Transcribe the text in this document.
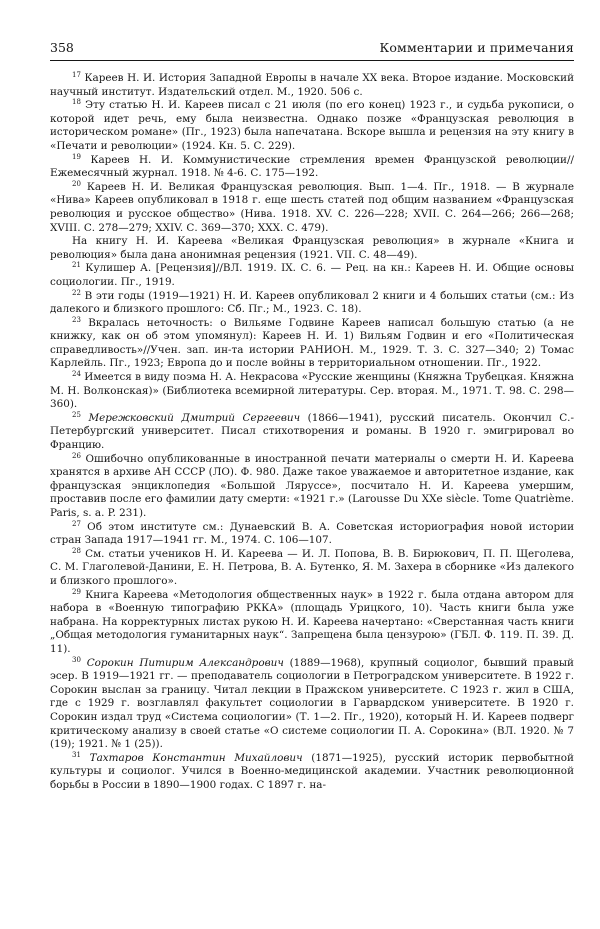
358	Комментарии и примечания

$^{17}$ Кареев Н. И. История Западной Европы в начале XX века. Второе издание. Московский научный институт. Издательский отдел. М., 1920. 506 с.

$^{18}$ Эту статью Н. И. Кареев писал с 21 июля (по его конец) 1923 г., и судьба рукописи, о которой идет речь, ему была неизвестна. Однако позже «Французская революция в историческом романе» (Пг., 1923) была напечатана. Вскоре вышла и рецензия на эту книгу в «Печати и революции» (1924. Кн. 5. С. 229).

$^{19}$ Кареев Н. И. Коммунистические стремления времен Французской революции//Ежемесячный журнал. 1918. № 4-6. С. 175—192.

$^{20}$ Кареев Н. И. Великая Французская революция. Вып. 1—4. Пг., 1918. — В журнале «Нива» Кареев опубликовал в 1918 г. еще шесть статей под общим названием «Французская революция и русское общество» (Нива. 1918. XV. С. 226—228; XVII. С. 264—266; 266—268; XVIII. С. 278—279; XXIV. С. 369—370; XXX. С. 479).

На книгу Н. И. Кареева «Великая Французская революция» в журнале «Книга и революция» была дана анонимная рецензия (1921. VII. С. 48—49).

$^{21}$ Кулишер А. [Рецензия]//ВЛ. 1919. IX. С. 6. — Рец. на кн.: Кареев Н. И. Общие основы социологии. Пг., 1919.

$^{22}$ В эти годы (1919—1921) Н. И. Кареев опубликовал 2 книги и 4 больших статьи (см.: Из далекого и близкого прошлого: Сб. Пг.; М., 1923. С. 18).

$^{23}$ Вкралась неточность: о Вильяме Годвине Кареев написал большую статью (а не книжку, как он об этом упомянул): Кареев Н. И. 1) Вильям Годвин и его «Политическая справедливость»//Учен. зап. ин-та истории РАНИОН. М., 1929. Т. 3. С. 327—340; 2) Томас Карлейль. Пг., 1923; Европа до и после войны в территориальном отношении. Пг., 1922.

$^{24}$ Имеется в виду поэма Н. А. Некрасова «Русские женщины (Княжна Трубецкая. Княжна М. Н. Волконская)» (Библиотека всемирной литературы. Сер. вторая. М., 1971. Т. 98. С. 298—360).

$^{25}$ Мережковский Дмитрий Сергеевич (1866—1941), русский писатель. Окончил С.-Петербургский университет. Писал стихотворения и романы. В 1920 г. эмигрировал во Францию.

$^{26}$ Ошибочно опубликованные в иностранной печати материалы о смерти Н. И. Кареева хранятся в архиве АН СССР (ЛО). Ф. 980. Даже такое уважаемое и авторитетное издание, как французская энциклопедия «Большой Ляруссе», посчитало Н. И. Кареева умершим, проставив после его фамилии дату смерти: «1921 г.» (Larousse Du XXe siècle. Tome Quatrième. Paris, s. a. P. 231).

$^{27}$ Об этом институте см.: Дунаевский В. А. Советская историография новой истории стран Запада 1917—1941 гг. М., 1974. С. 106—107.

$^{28}$ См. статьи учеников Н. И. Кареева — И. Л. Попова, В. В. Бирюкович, П. П. Щеголева, С. М. Глаголевой-Данини, Е. Н. Петрова, В. А. Бутенко, Я. М. Захера в сборнике «Из далекого и близкого прошлого».

$^{29}$ Книга Кареева «Методология общественных наук» в 1922 г. была отдана автором для набора в «Военную типографию РККА» (площадь Урицкого, 10). Часть книги была уже набрана. На корректурных листах рукою Н. И. Кареева начертано: «Сверстанная часть книги „Общая методология гуманитарных наук“. Запрещена была цензурою» (ГБЛ. Ф. 119. П. 39. Д. 11).

$^{30}$ Сорокин Питирим Александрович (1889—1968), крупный социолог, бывший правый эсер. В 1919—1921 гг. — преподаватель социологии в Петроградском университете. В 1922 г. Сорокин выслан за границу. Читал лекции в Пражском университете. С 1923 г. жил в США, где с 1929 г. возглавлял факультет социологии в Гарвардском университете. В 1920 г. Сорокин издал труд «Система социологии» (Т. 1—2. Пг., 1920), который Н. И. Кареев подверг критическому анализу в своей статье «О системе социологии П. А. Сорокина» (ВЛ. 1920. № 7 (19); 1921. № 1 (25)).

$^{31}$ Тахтаров Константин Михайлович (1871—1925), русский историк первобытной культуры и социолог. Учился в Военно-медицинской академии. Участник революционной борьбы в России в 1890—1900 годах. С 1897 г. на-
